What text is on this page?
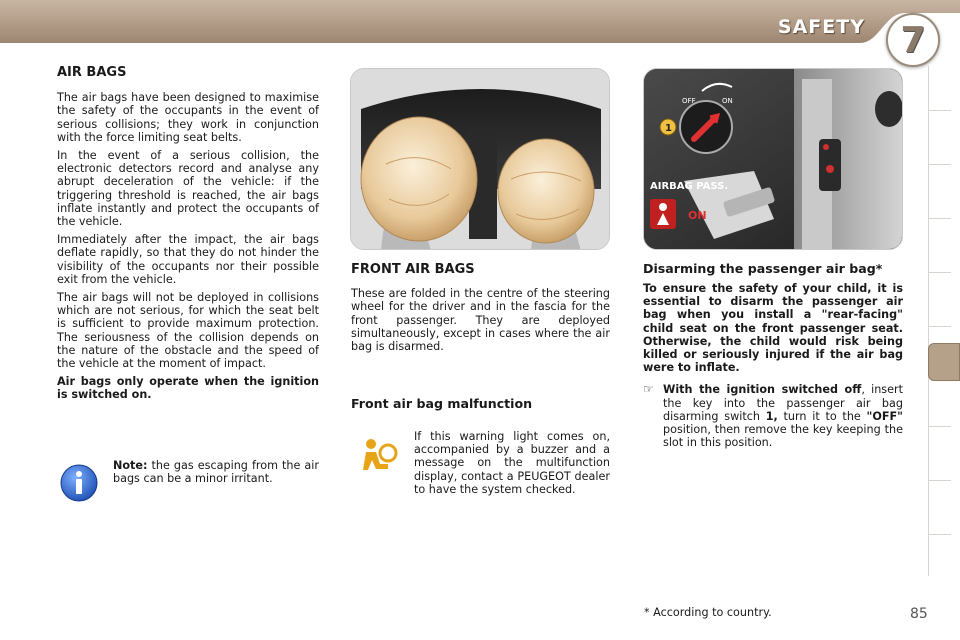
SAFETY 7
AIR BAGS

The air bags have been designed to maximise the safety of the occupants in the event of serious collisions; they work in conjunction with the force limiting seat belts.

In the event of a serious collision, the electronic detectors record and analyse any abrupt deceleration of the vehicle: if the triggering threshold is reached, the air bags inflate instantly and protect the occupants of the vehicle.

Immediately after the impact, the air bags deflate rapidly, so that they do not hinder the visibility of the occupants nor their possible exit from the vehicle.

The air bags will not be deployed in collisions which are not serious, for which the seat belt is sufficient to provide maximum protection. The seriousness of the collision depends on the nature of the obstacle and the speed of the vehicle at the moment of impact.

Air bags only operate when the ignition is switched on.

Note: the gas escaping from the air bags can be a minor irritant.
FRONT AIR BAGS

These are folded in the centre of the steering wheel for the driver and in the fascia for the front passenger. They are deployed simultaneously, except in cases where the air bag is disarmed.

Front air bag malfunction

If this warning light comes on, accompanied by a buzzer and a message on the multifunction display, contact a PEUGEOT dealer to have the system checked.

OFF	ON
1
AIRBAG PASS.
ON
Disarming the passenger air bag*

To ensure the safety of your child, it is essential to disarm the passenger air bag when you install a "rear-facing" child seat on the front passenger seat. Otherwise, the child would risk being killed or seriously injured if the air bag were to inflate.

☞ With the ignition switched off, insert the key into the passenger air bag disarming switch 1, turn it to the "OFF" position, then remove the key keeping the slot in this position.
* According to country.	85
